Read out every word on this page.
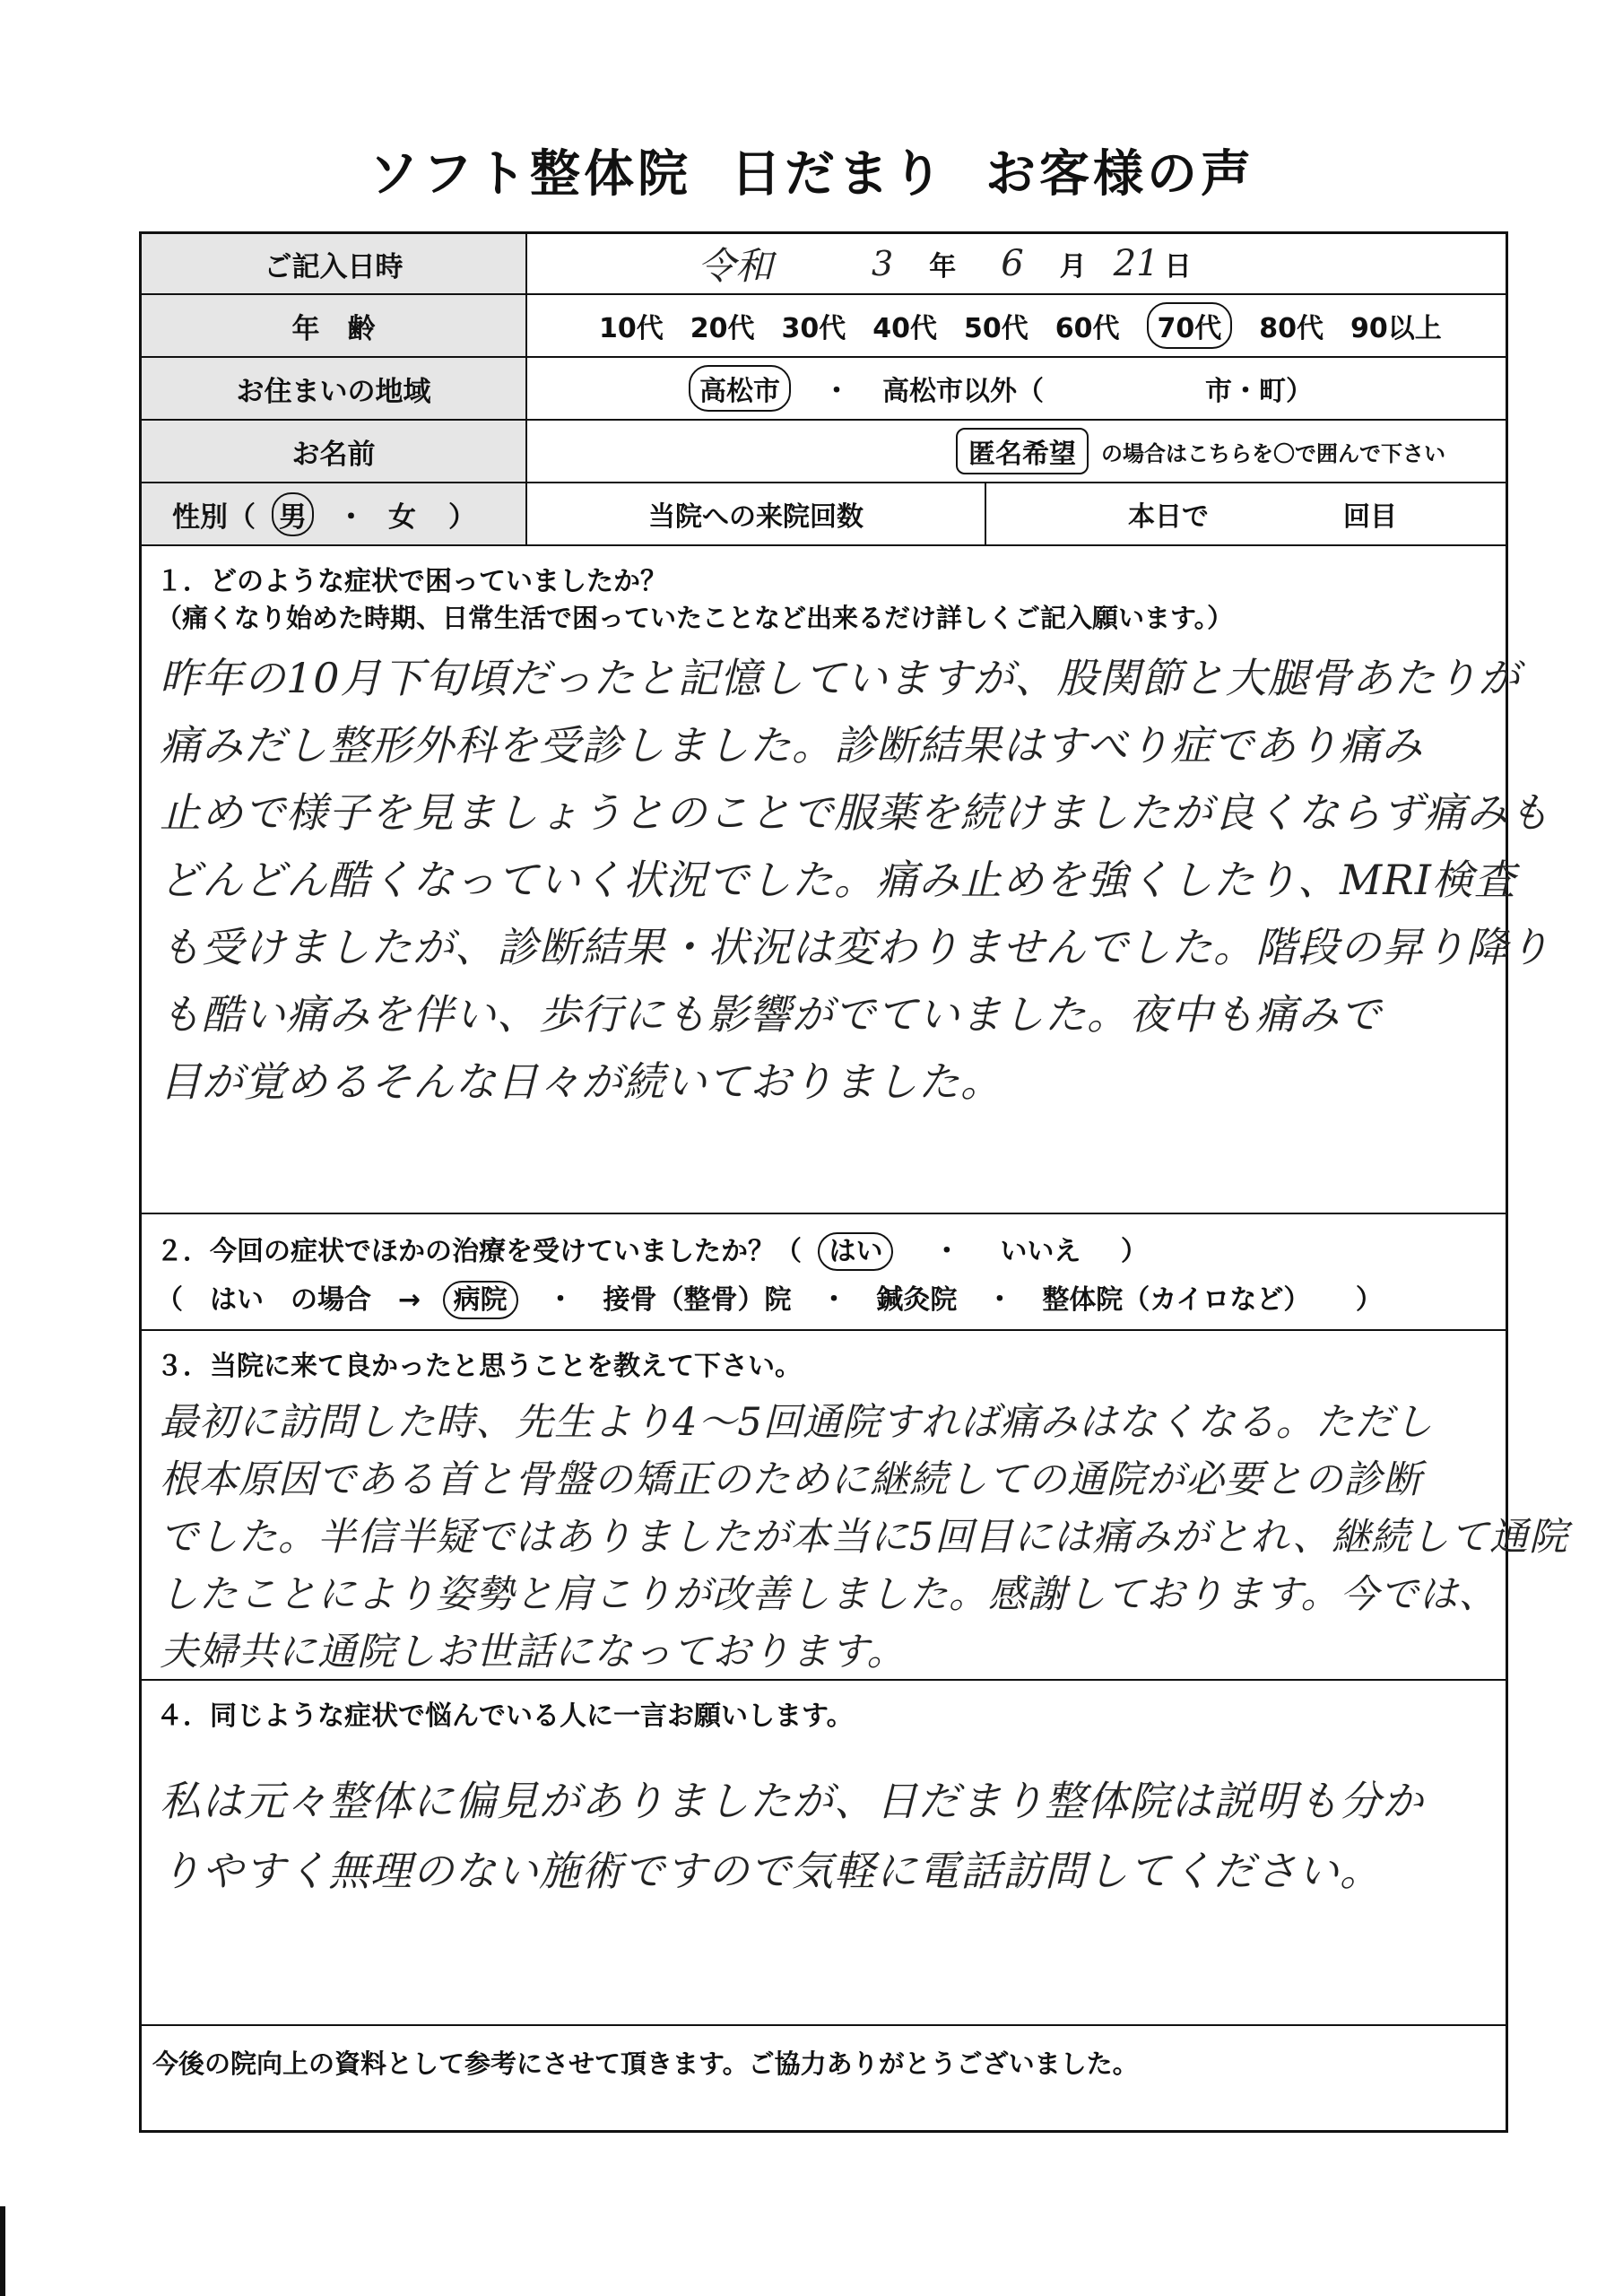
ソフト整体院 日だまり お客様の声
ご記入日時	令和	3 年 6 月 21 日
年　齢	10代 20代 30代 40代 50代 60代	70代	80代 90以上
お住まいの地域	高松市	・ 高松市以外（	市・町）
お名前	匿名希望	の場合はこちらを〇で囲んで下さい
性別（ 男 ・ 女 ）	当院への来院回数	本日で	回目
１．どのような症状で困っていましたか？
（痛くなり始めた時期、日常生活で困っていたことなど出来るだけ詳しくご記入願います。）

昨年の10月下旬頃だったと記憶していますが、股関節と大腿骨あたりが

痛みだし整形外科を受診しました。診断結果はすべり症であり痛み

止めで様子を見ましょうとのことで服薬を続けましたが良くならず痛みも

どんどん酷くなっていく状況でした。痛み止めを強くしたり、MRI検査

も受けましたが、診断結果・状況は変わりませんでした。階段の昇り降り

も酷い痛みを伴い、歩行にも影響がでていました。夜中も痛みで

目が覚めるそんな日々が続いておりました。

２．今回の症状でほかの治療を受けていましたか？（ はい ・ いいえ ）
（　はい　の場合　→ 病院 ・ 接骨（整骨）院 ・ 鍼灸院 ・ 整体院（カイロなど） ）
３．当院に来て良かったと思うことを教えて下さい。

最初に訪問した時、先生より4〜5回通院すれば痛みはなくなる。ただし

根本原因である首と骨盤の矯正のために継続しての通院が必要との診断

でした。半信半疑ではありましたが本当に5回目には痛みがとれ、継続して通院

したことにより姿勢と肩こりが改善しました。感謝しております。今では、

夫婦共に通院しお世話になっております。

４．同じような症状で悩んでいる人に一言お願いします。

私は元々整体に偏見がありましたが、日だまり整体院は説明も分か

りやすく無理のない施術ですので気軽に電話訪問してください。

今後の院向上の資料として参考にさせて頂きます。ご協力ありがとうございました。
